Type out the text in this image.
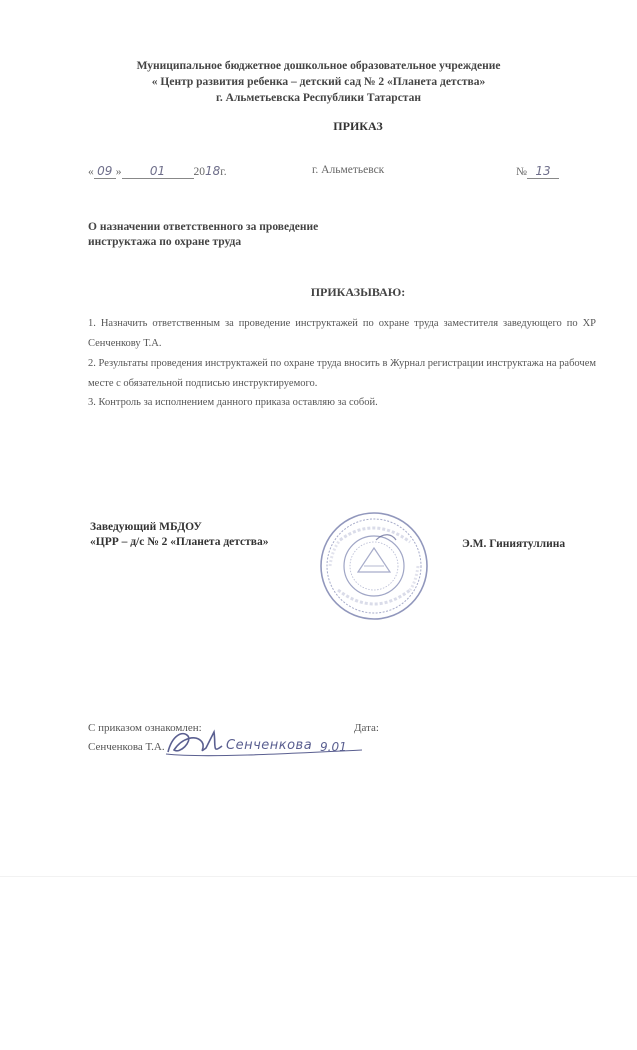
Муниципальное бюджетное дошкольное образовательное учреждение
« Центр развития ребенка – детский сад № 2 «Планета детства»
г. Альметьевска Республики Татарстан
ПРИКАЗ
« 09 » 01 2018г.	г. Альметьевск	№ 13
О назначении ответственного за проведение
инструктажа по охране труда
ПРИКАЗЫВАЮ:
1. Назначить ответственным за проведение инструктажей по охране труда заместителя заведующего по ХР Сенченкову Т.А.
2. Результаты проведения инструктажей по охране труда вносить в Журнал регистрации инструктажа на рабочем месте с обязательной подписью инструктируемого.
3. Контроль за исполнением данного приказа оставляю за собой.
Заведующий МБДОУ
«ЦРР – д/с № 2 «Планета детства»	Э.М. Гиниятуллина
С приказом ознакомлен:	Дата:
Сенченкова Т.А.	Сенченкова 9.01
